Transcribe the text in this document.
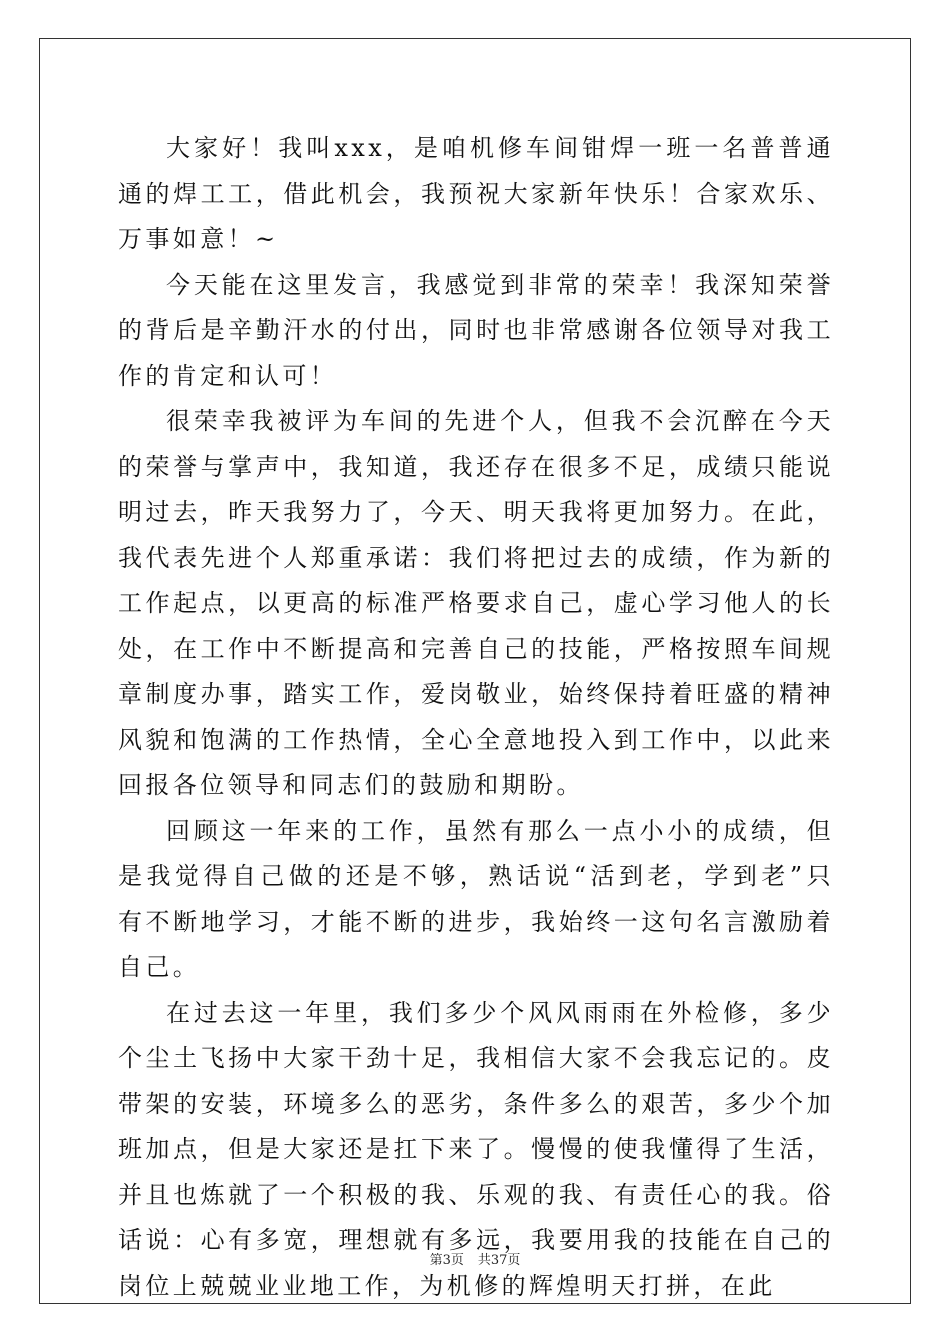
大家好！我叫xxx，是咱机修车间钳焊一班一名普普通通的焊工工，借此机会，我预祝大家新年快乐！合家欢乐、万事如意！~

今天能在这里发言，我感觉到非常的荣幸！我深知荣誉的背后是辛勤汗水的付出，同时也非常感谢各位领导对我工作的肯定和认可！

很荣幸我被评为车间的先进个人，但我不会沉醉在今天的荣誉与掌声中，我知道，我还存在很多不足，成绩只能说明过去，昨天我努力了，今天、明天我将更加努力。在此，我代表先进个人郑重承诺：我们将把过去的成绩，作为新的工作起点，以更高的标准严格要求自己，虚心学习他人的长处，在工作中不断提高和完善自己的技能，严格按照车间规章制度办事，踏实工作，爱岗敬业，始终保持着旺盛的精神风貌和饱满的工作热情，全心全意地投入到工作中，以此来回报各位领导和同志们的鼓励和期盼。

回顾这一年来的工作，虽然有那么一点小小的成绩，但是我觉得自己做的还是不够，熟话说“活到老，学到老”只有不断地学习，才能不断的进步，我始终一这句名言激励着自己。

在过去这一年里，我们多少个风风雨雨在外检修，多少个尘土飞扬中大家干劲十足，我相信大家不会我忘记的。皮带架的安装，环境多么的恶劣，条件多么的艰苦，多少个加班加点，但是大家还是扛下来了。慢慢的使我懂得了生活，并且也炼就了一个积极的我、乐观的我、有责任心的我。俗话说：心有多宽，理想就有多远，我要用我的技能在自己的岗位上兢兢业业地工作，为机修的辉煌明天打拼，在此

第3页 共37页
